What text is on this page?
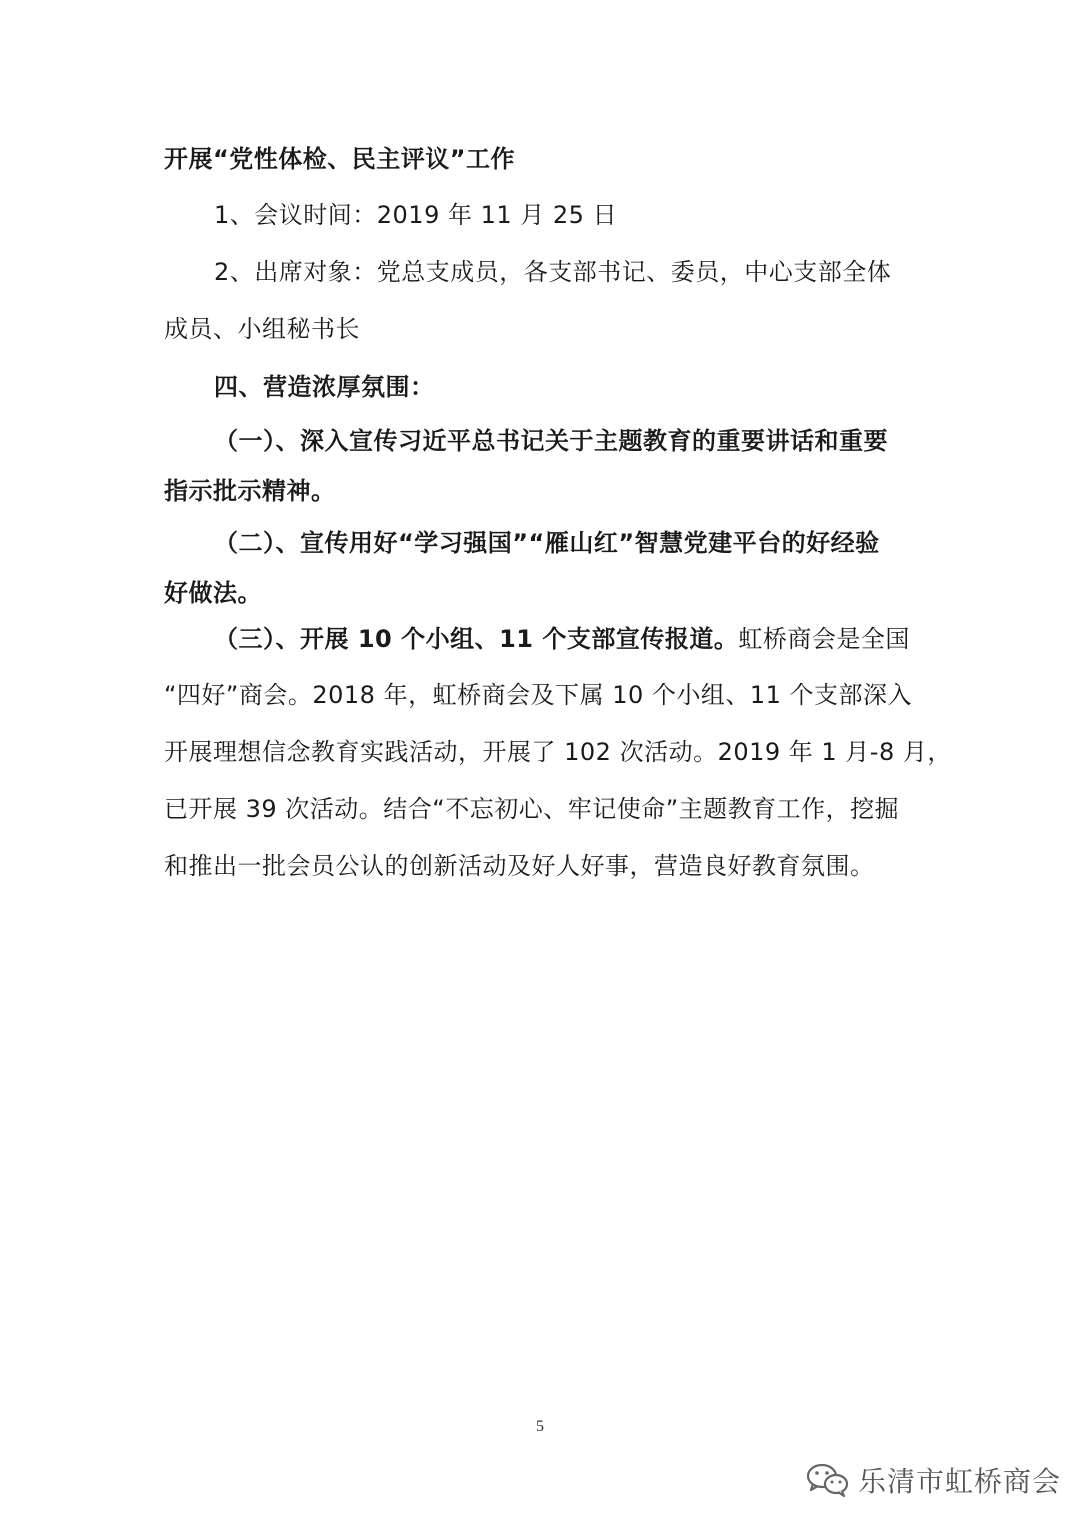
开展“党性体检、民主评议”工作
1、会议时间：2019 年 11 月 25 日
2、出席对象：党总支成员，各支部书记、委员，中心支部全体
成员、小组秘书长
四、营造浓厚氛围：
（一）、深入宣传习近平总书记关于主题教育的重要讲话和重要
指示批示精神。
（二）、宣传用好“学习强国”“雁山红”智慧党建平台的好经验
好做法。
（三）、开展 10 个小组、11 个支部宣传报道。虹桥商会是全国
“四好”商会。2018 年，虹桥商会及下属 10 个小组、11 个支部深入
开展理想信念教育实践活动，开展了 102 次活动。2019 年 1 月-8 月，
已开展 39 次活动。结合“不忘初心、牢记使命”主题教育工作，挖掘
和推出一批会员公认的创新活动及好人好事，营造良好教育氛围。
5
乐清市虹桥商会
